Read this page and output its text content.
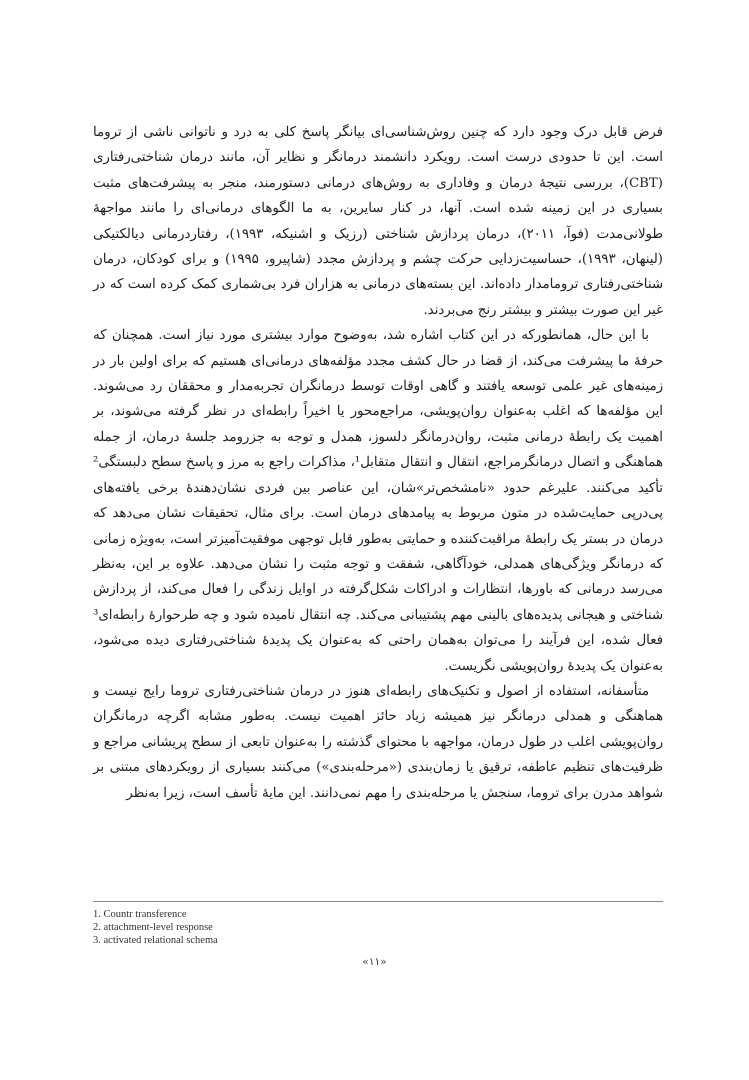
فرض قابل درک وجود دارد که چنین روش‌شناسی‌ای بیانگر پاسخ کلی به درد و ناتوانی ناشی از تروما است. این تا حدودی درست است. رویکرد دانشمند درمانگر و نظایر آن، مانند درمان شناختی‌رفتاری (CBT)، بررسی نتیجهٔ درمان و وفاداری به روش‌های درمانی دستورمند، منجر به پیشرفت‌های مثبت بسیاری در این زمینه شده است. آنها، در کنار سایرین، به ما الگوهای درمانی‌ای را مانند مواجههٔ طولانی‌مدت (فوآ، ۲۰۱۱)، درمان پردازش شناختی (رزیک و اشنیکه، ۱۹۹۳)، رفتاردرمانی دیالکتیکی (لینهان، ۱۹۹۳)، حساسیت‌زدایی حرکت چشم و پردازش مجدد (شاپیرو، ۱۹۹۵) و برای کودکان، درمان شناختی‌رفتاری ترومامدار داده‌اند. این بسته‌های درمانی به هزاران فرد بی‌شماری کمک کرده است که در غیر این صورت بیشتر و بیشتر رنج می‌بردند.

با این حال، همانطورکه در این کتاب اشاره شد، به‌وضوح موارد بیشتری مورد نیاز است. همچنان که حرفهٔ ما پیشرفت می‌کند، از قضا در حال کشف مجدد مؤلفه‌های درمانی‌ای هستیم که برای اولین بار در زمینه‌های غیر علمی توسعه یافتند و گاهی اوقات توسط درمانگران تجربه‌مدار و محققان رد می‌شوند. این مؤلفه‌ها که اغلب به‌عنوان روان‌پویشی، مراجع‌محور یا اخیراً رابطه‌ای در نظر گرفته می‌شوند، بر اهمیت یک رابطهٔ درمانی مثبت، روان‌درمانگر دلسوز، همدل و توجه به جزرومد جلسهٔ درمان، از جمله هماهنگی و اتصال درمانگرمراجع، انتقال و انتقال متقابل¹، مذاکرات راجع به مرز و پاسخ سطح دلبستگی² تأکید می‌کنند. علیرغم حدود «نامشخص‌تر»شان، این عناصر بین فردی نشان‌دهندهٔ برخی یافته‌های پی‌درپی حمایت‌شده در متون مربوط به پیامدهای درمان است. برای مثال، تحقیقات نشان می‌دهد که درمان در بستر یک رابطهٔ مراقبت‌کننده و حمایتی به‌طور قابل توجهی موفقیت‌آمیزتر است، به‌ویژه زمانی که درمانگر ویژگی‌های همدلی، خودآگاهی، شفقت و توجه مثبت را نشان می‌دهد. علاوه بر این، به‌نظر می‌رسد درمانی که باورها، انتظارات و ادراکات شکل‌گرفته در اوایل زندگی را فعال می‌کند، از پردازش شناختی و هیجانی پدیده‌های بالینی مهم پشتیبانی می‌کند. چه انتقال نامیده شود و چه طرحوارهٔ رابطه‌ای³ فعال شده، این فرآیند را می‌توان به‌همان راحتی که به‌عنوان یک پدیدهٔ شناختی‌رفتاری دیده می‌شود، به‌عنوان یک پدیدهٔ روان‌پویشی نگریست.

متأسفانه، استفاده از اصول و تکنیک‌های رابطه‌ای هنوز در درمان شناختی‌رفتاری تروما رایج نیست و هماهنگی و همدلی درمانگر نیز همیشه زیاد حائز اهمیت نیست. به‌طور مشابه اگرچه درمانگران روان‌پویشی اغلب در طول درمان، مواجهه با محتوای گذشته را به‌عنوان تابعی از سطح پریشانی مراجع و ظرفیت‌های تنظیم عاطفه، ترقیق یا زمان‌بندی («مرحله‌بندی») می‌کنند بسیاری از رویکردهای مبتنی بر شواهد مدرن برای تروما، سنجش یا مرحله‌بندی را مهم نمی‌دانند. این مایهٔ تأسف است، زیرا به‌نظر

1. Countr transference
2. attachment-level response
3. activated relational schema
«۱۱»
